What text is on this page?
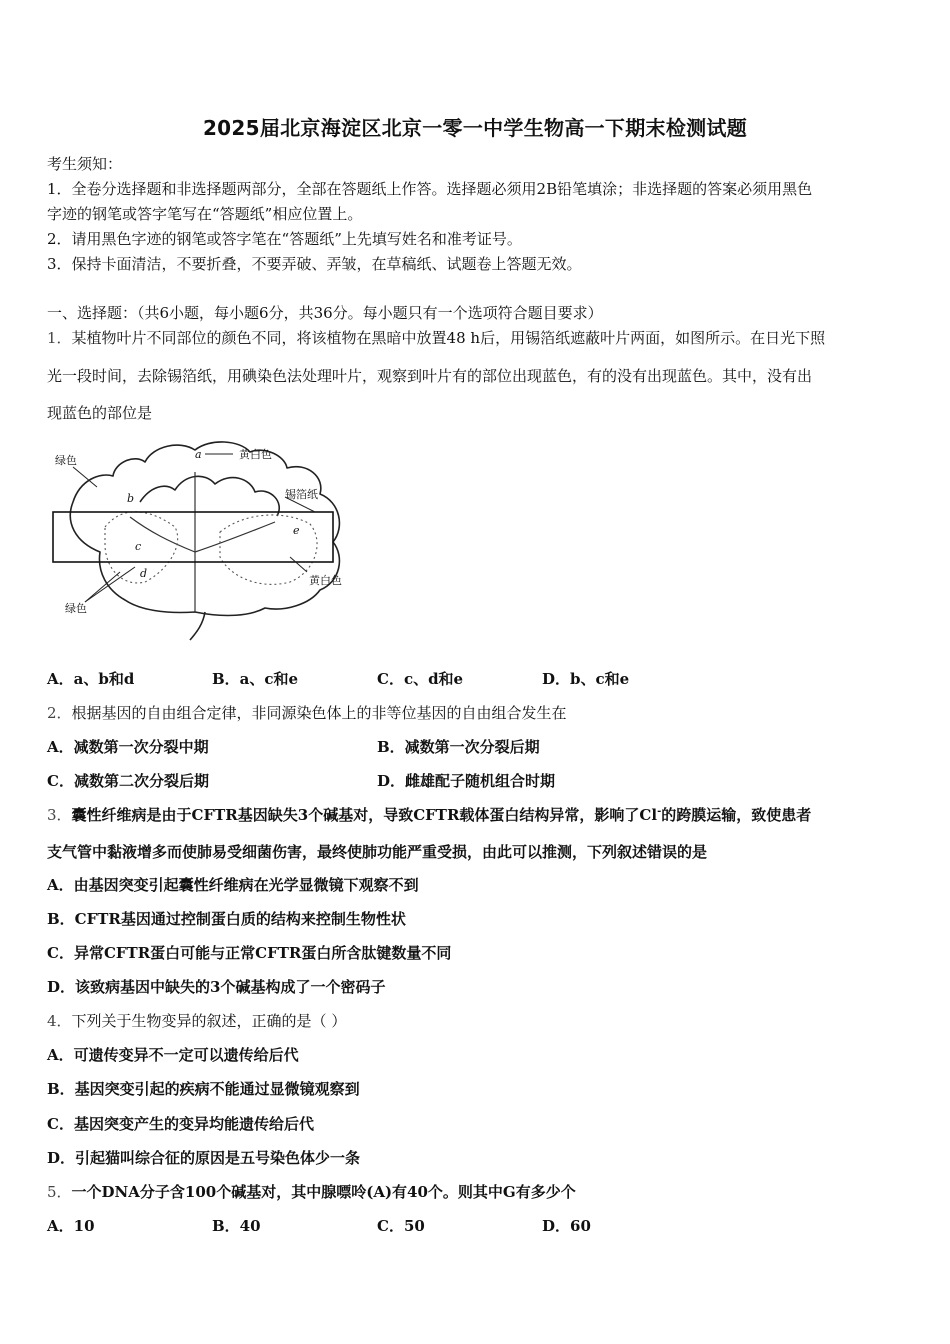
2025届北京海淀区北京一零一中学生物高一下期末检测试题
考生须知：
1．全卷分选择题和非选择题两部分，全部在答题纸上作答。选择题必须用2B铅笔填涂；非选择题的答案必须用黑色
字迹的钢笔或答字笔写在“答题纸”相应位置上。
2．请用黑色字迹的钢笔或答字笔在“答题纸”上先填写姓名和准考证号。
3．保持卡面清洁，不要折叠，不要弄破、弄皱，在草稿纸、试题卷上答题无效。
一、选择题：（共6小题，每小题6分，共36分。每小题只有一个选项符合题目要求）
1．某植物叶片不同部位的颜色不同，将该植物在黑暗中放置48 h后，用锡箔纸遮蔽叶片两面，如图所示。在日光下照
光一段时间，去除锡箔纸，用碘染色法处理叶片，观察到叶片有的部位出现蓝色，有的没有出现蓝色。其中，没有出
现蓝色的部位是
绿色	黄白色
锡箔纸
黄白色
绿色
a
b
c
d
e
A．a、b和d	B．a、c和e	C．c、d和e	D．b、c和e
2．根据基因的自由组合定律，非同源染色体上的非等位基因的自由组合发生在
A．减数第一次分裂中期	B．减数第一次分裂后期
C．减数第二次分裂后期	D．雌雄配子随机组合时期
3．囊性纤维病是由于CFTR基因缺失3个碱基对，导致CFTR载体蛋白结构异常，影响了Cl-的跨膜运输，致使患者
支气管中黏液增多而使肺易受细菌伤害，最终使肺功能严重受损，由此可以推测，下列叙述错误的是
A．由基因突变引起囊性纤维病在光学显微镜下观察不到
B．CFTR基因通过控制蛋白质的结构来控制生物性状
C．异常CFTR蛋白可能与正常CFTR蛋白所含肽键数量不同
D．该致病基因中缺失的3个碱基构成了一个密码子
4．下列关于生物变异的叙述，正确的是（ ）
A．可遗传变异不一定可以遗传给后代
B．基因突变引起的疾病不能通过显微镜观察到
C．基因突变产生的变异均能遗传给后代
D．引起猫叫综合征的原因是五号染色体少一条
5．一个DNA分子含100个碱基对，其中腺嘌呤(A)有40个。则其中G有多少个
A．10	B．40	C．50	D．60
